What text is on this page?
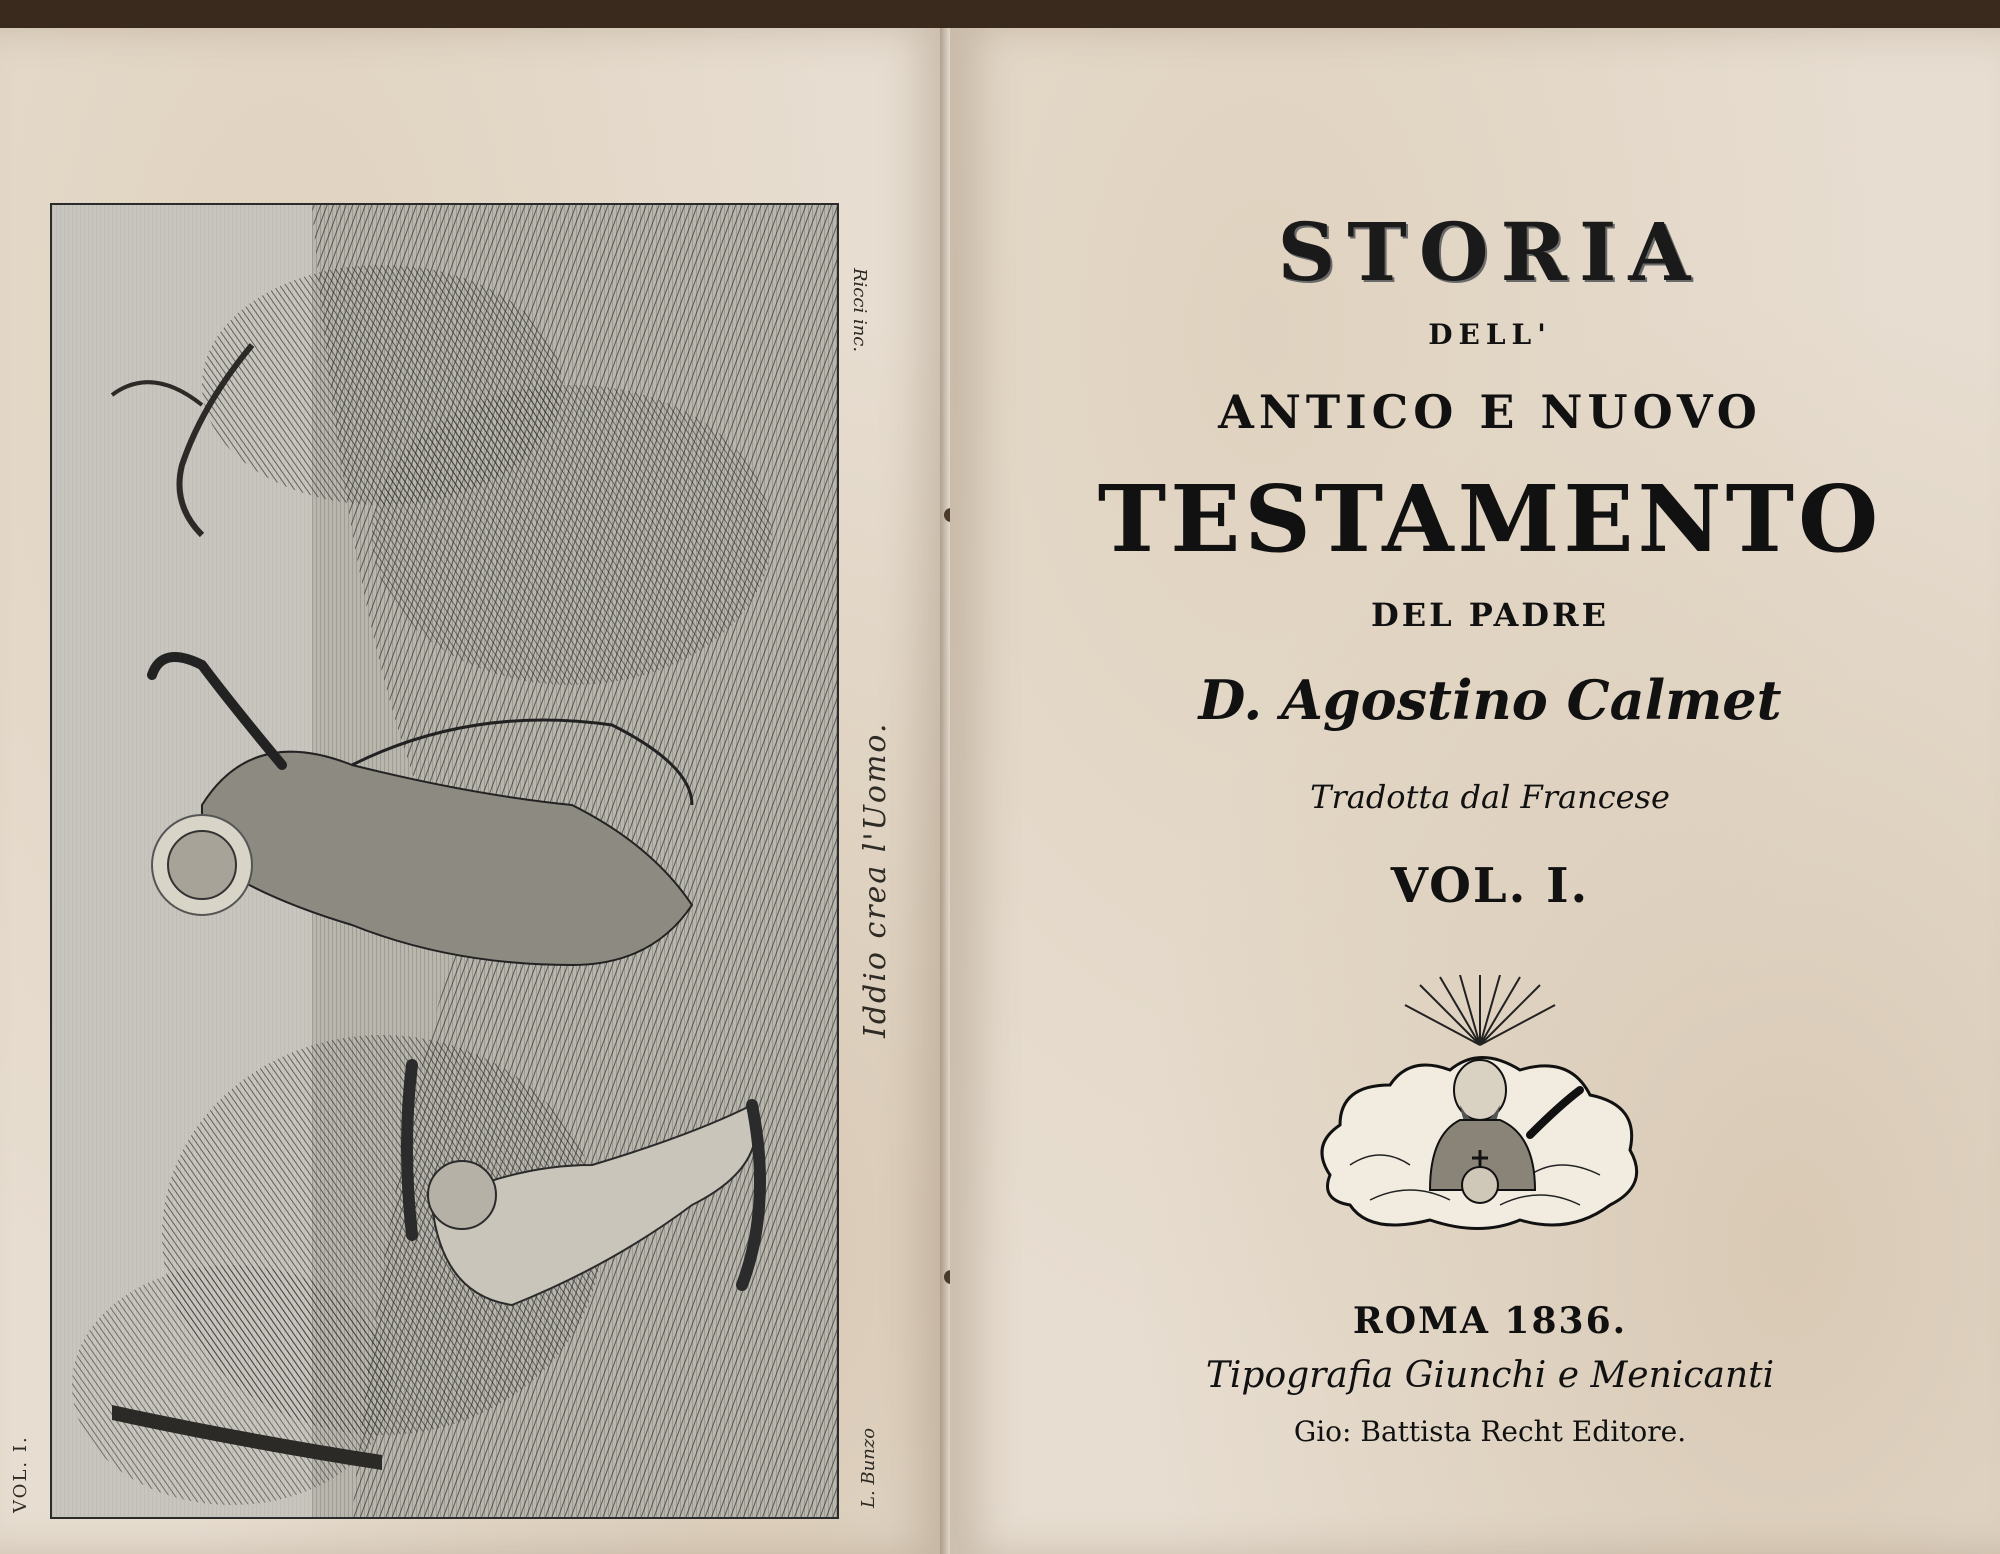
Iddio crea l'Uomo.
Ricci inc.
L. Bunzo
VOL. I.
STORIA
DELL'
ANTICO E NUOVO
TESTAMENTO
DEL PADRE
D. Agostino Calmet
Tradotta dal Francese
VOL. I.
ROMA 1836.
Tipografia Giunchi e Menicanti
Gio: Battista Recht Editore.
